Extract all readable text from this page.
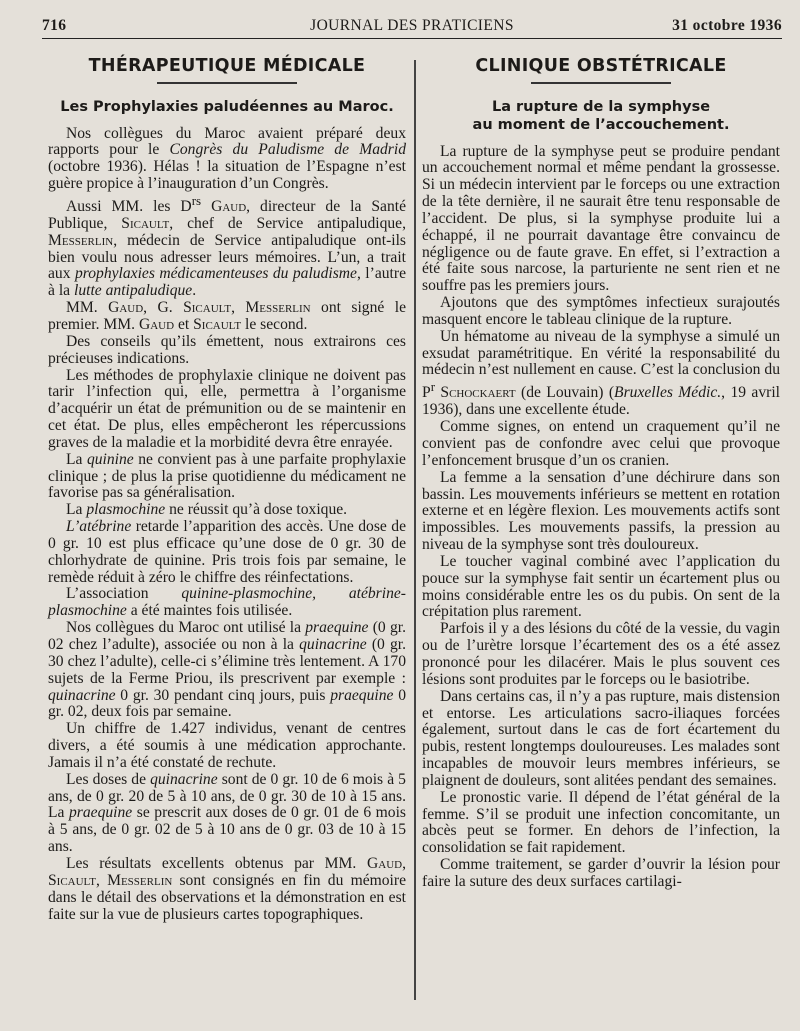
716	JOURNAL DES PRATICIENS	31 octobre 1936
THÉRAPEUTIQUE MÉDICALE
Les Prophylaxies paludéennes au Maroc.

Nos collègues du Maroc avaient préparé deux rapports pour le Congrès du Paludisme de Madrid (octobre 1936). Hélas ! la situation de l’Espagne n’est guère propice à l’inauguration d’un Congrès.

Aussi MM. les $D^{rs}$ Gaud, directeur de la Santé Publique, Sicault, chef de Service antipaludique, Messerlin, médecin de Service antipaludique ont-ils bien voulu nous adresser leurs mémoires. L’un, a trait aux prophylaxies médicamenteuses du paludisme, l’autre à la lutte antipaludique.

MM. Gaud, G. Sicault, Messerlin ont signé le premier. MM. Gaud et Sicault le second.

Des conseils qu’ils émettent, nous extrairons ces précieuses indications.

Les méthodes de prophylaxie clinique ne doivent pas tarir l’infection qui, elle, permettra à l’organisme d’acquérir un état de prémunition ou de se maintenir en cet état. De plus, elles empêcheront les répercussions graves de la maladie et la morbidité devra être enrayée.

La quinine ne convient pas à une parfaite prophylaxie clinique ; de plus la prise quotidienne du médicament ne favorise pas sa généralisation.

La plasmochine ne réussit qu’à dose toxique.

L’atébrine retarde l’apparition des accès. Une dose de 0 gr. 10 est plus efficace qu’une dose de 0 gr. 30 de chlorhydrate de quinine. Pris trois fois par semaine, le remède réduit à zéro le chiffre des réinfectations.

L’association quinine-plasmochine, atébrine-plasmochine a été maintes fois utilisée.

Nos collègues du Maroc ont utilisé la praequine (0 gr. 02 chez l’adulte), associée ou non à la quinacrine (0 gr. 30 chez l’adulte), celle-ci s’élimine très lentement. A 170 sujets de la Ferme Priou, ils prescrivent par exemple : quinacrine 0 gr. 30 pendant cinq jours, puis praequine 0 gr. 02, deux fois par semaine.

Un chiffre de 1.427 individus, venant de centres divers, a été soumis à une médication approchante. Jamais il n’a été constaté de rechute.

Les doses de quinacrine sont de 0 gr. 10 de 6 mois à 5 ans, de 0 gr. 20 de 5 à 10 ans, de 0 gr. 30 de 10 à 15 ans. La praequine se prescrit aux doses de 0 gr. 01 de 6 mois à 5 ans, de 0 gr. 02 de 5 à 10 ans de 0 gr. 03 de 10 à 15 ans.

Les résultats excellents obtenus par MM. Gaud, Sicault, Messerlin sont consignés en fin du mémoire dans le détail des observations et la démonstration en est faite sur la vue de plusieurs cartes topographiques.

CLINIQUE OBSTÉTRICALE
La rupture de la symphyse
au moment de l’accouchement.

La rupture de la symphyse peut se produire pendant un accouchement normal et même pendant la grossesse. Si un médecin intervient par le forceps ou une extraction de la tête dernière, il ne saurait être tenu responsable de l’accident. De plus, si la symphyse produite lui a échappé, il ne pourrait davantage être convaincu de négligence ou de faute grave. En effet, si l’extraction a été faite sous narcose, la parturiente ne sent rien et ne souffre pas les premiers jours.

Ajoutons que des symptômes infectieux surajoutés masquent encore le tableau clinique de la rupture.

Un hématome au niveau de la symphyse a simulé un exsudat paramétritique. En vérité la responsabilité du médecin n’est nullement en cause. C’est la conclusion du $P^r$ Schockaert (de Louvain) (Bruxelles Médic., 19 avril 1936), dans une excellente étude.

Comme signes, on entend un craquement qu’il ne convient pas de confondre avec celui que provoque l’enfoncement brusque d’un os cranien.

La femme a la sensation d’une déchirure dans son bassin. Les mouvements inférieurs se mettent en rotation externe et en légère flexion. Les mouvements actifs sont impossibles. Les mouvements passifs, la pression au niveau de la symphyse sont très douloureux.

Le toucher vaginal combiné avec l’application du pouce sur la symphyse fait sentir un écartement plus ou moins considérable entre les os du pubis. On sent de la crépitation plus rarement.

Parfois il y a des lésions du côté de la vessie, du vagin ou de l’urètre lorsque l’écartement des os a été assez prononcé pour les dilacérer. Mais le plus souvent ces lésions sont produites par le forceps ou le basiotribe.

Dans certains cas, il n’y a pas rupture, mais distension et entorse. Les articulations sacro-iliaques forcées également, surtout dans le cas de fort écartement du pubis, restent longtemps douloureuses. Les malades sont incapables de mouvoir leurs membres inférieurs, se plaignent de douleurs, sont alitées pendant des semaines.

Le pronostic varie. Il dépend de l’état général de la femme. S’il se produit une infection concomitante, un abcès peut se former. En dehors de l’infection, la consolidation se fait rapidement.

Comme traitement, se garder d’ouvrir la lésion pour faire la suture des deux surfaces cartilagi-
